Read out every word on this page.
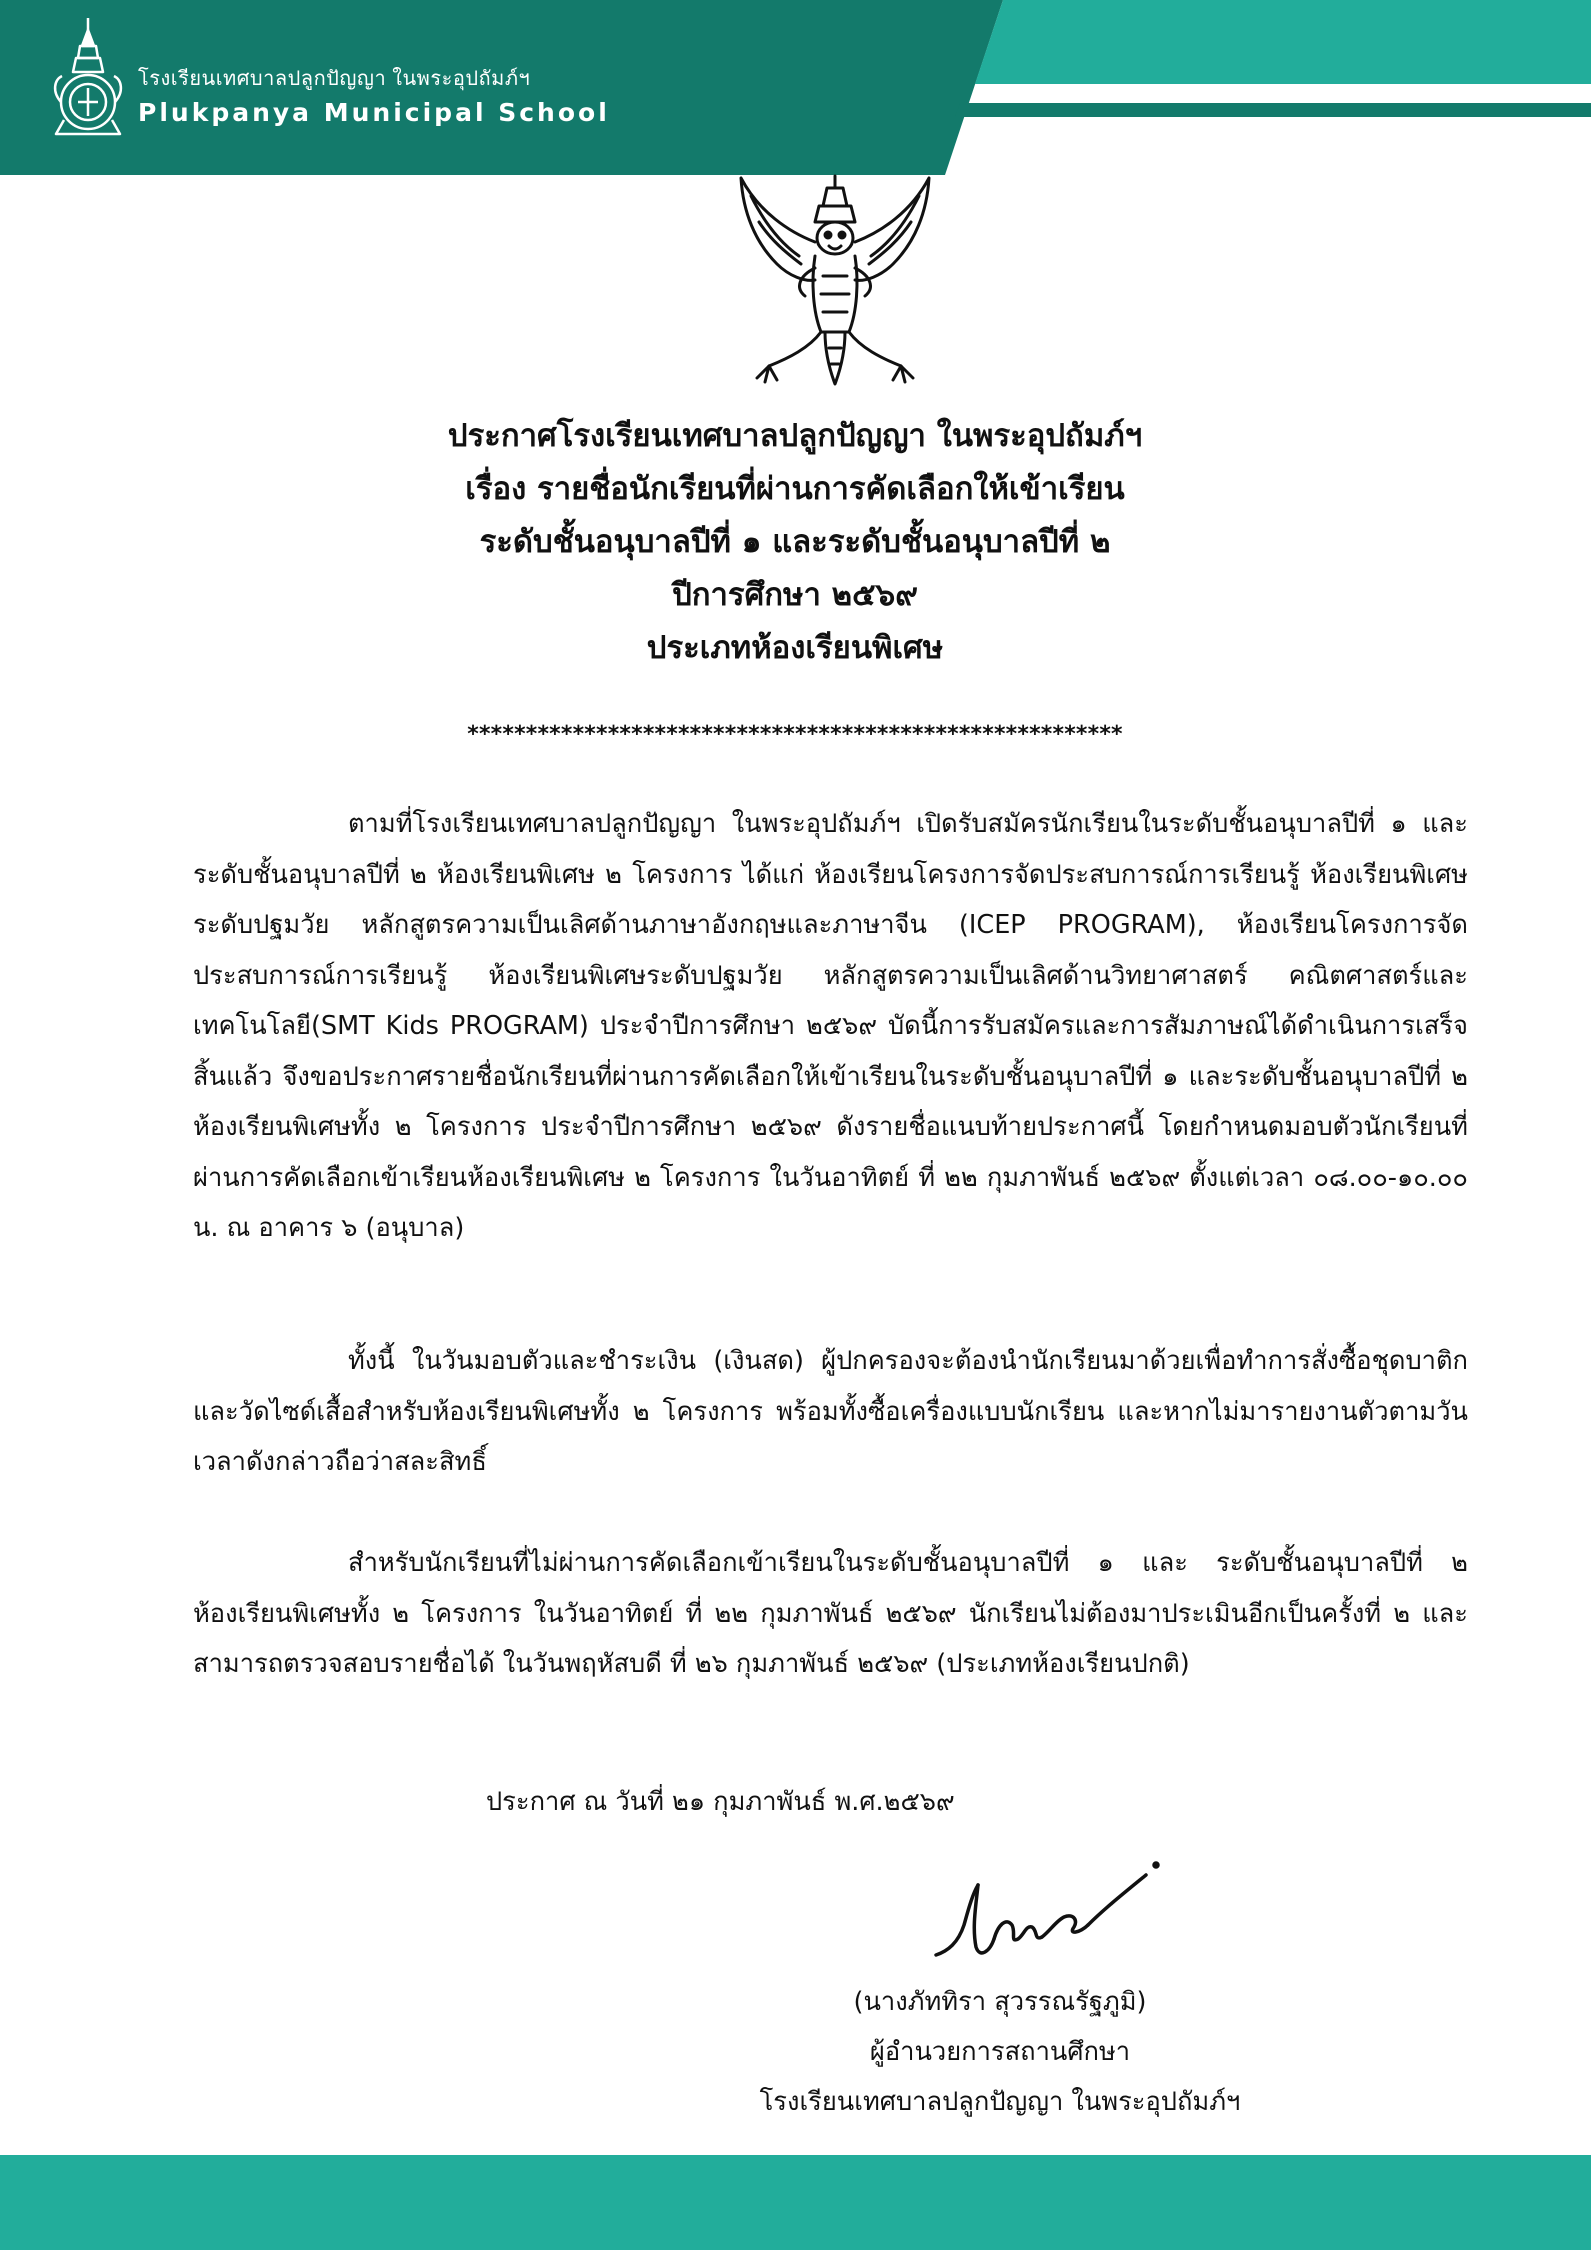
โรงเรียนเทศบาลปลูกปัญญา ในพระอุปถัมภ์ฯ
Plukpanya Municipal School
ประกาศโรงเรียนเทศบาลปลูกปัญญา ในพระอุปถัมภ์ฯ
เรื่อง รายชื่อนักเรียนที่ผ่านการคัดเลือกให้เข้าเรียน
ระดับชั้นอนุบาลปีที่ ๑ และระดับชั้นอนุบาลปีที่ ๒
ปีการศึกษา ๒๕๖๙
ประเภทห้องเรียนพิเศษ
********************************************************

ตามที่โรงเรียนเทศบาลปลูกปัญญา ในพระอุปถัมภ์ฯ เปิดรับสมัครนักเรียนในระดับชั้นอนุบาลปีที่ ๑ และระดับชั้นอนุบาลปีที่ ๒ ห้องเรียนพิเศษ ๒ โครงการ ได้แก่ ห้องเรียนโครงการจัดประสบการณ์การเรียนรู้ ห้องเรียนพิเศษระดับปฐมวัย หลักสูตรความเป็นเลิศด้านภาษาอังกฤษและภาษาจีน (ICEP PROGRAM), ห้องเรียนโครงการจัดประสบการณ์การเรียนรู้ ห้องเรียนพิเศษระดับปฐมวัย หลักสูตรความเป็นเลิศด้านวิทยาศาสตร์ คณิตศาสตร์และเทคโนโลยี(SMT Kids PROGRAM) ประจำปีการศึกษา ๒๕๖๙ บัดนี้การรับสมัครและการสัมภาษณ์ได้ดำเนินการเสร็จสิ้นแล้ว จึงขอประกาศรายชื่อนักเรียนที่ผ่านการคัดเลือกให้เข้าเรียนในระดับชั้นอนุบาลปีที่ ๑ และระดับชั้นอนุบาลปีที่ ๒ ห้องเรียนพิเศษทั้ง ๒ โครงการ ประจำปีการศึกษา ๒๕๖๙ ดังรายชื่อแนบท้ายประกาศนี้ โดยกำหนดมอบตัวนักเรียนที่ผ่านการคัดเลือกเข้าเรียนห้องเรียนพิเศษ ๒ โครงการ ในวันอาทิตย์ ที่ ๒๒ กุมภาพันธ์ ๒๕๖๙ ตั้งแต่เวลา ๐๘.๐๐-๑๐.๐๐ น. ณ อาคาร ๖ (อนุบาล)

ทั้งนี้ ในวันมอบตัวและชำระเงิน (เงินสด) ผู้ปกครองจะต้องนำนักเรียนมาด้วยเพื่อทำการสั่งซื้อชุดบาติกและวัดไซด์เสื้อสำหรับห้องเรียนพิเศษทั้ง ๒ โครงการ พร้อมทั้งซื้อเครื่องแบบนักเรียน และหากไม่มารายงานตัวตามวันเวลาดังกล่าวถือว่าสละสิทธิ์

สำหรับนักเรียนที่ไม่ผ่านการคัดเลือกเข้าเรียนในระดับชั้นอนุบาลปีที่ ๑ และ ระดับชั้นอนุบาลปีที่ ๒ ห้องเรียนพิเศษทั้ง ๒ โครงการ ในวันอาทิตย์ ที่ ๒๒ กุมภาพันธ์ ๒๕๖๙ นักเรียนไม่ต้องมาประเมินอีกเป็นครั้งที่ ๒ และสามารถตรวจสอบรายชื่อได้ ในวันพฤหัสบดี ที่ ๒๖ กุมภาพันธ์ ๒๕๖๙ (ประเภทห้องเรียนปกติ)

ประกาศ ณ วันที่ ๒๑ กุมภาพันธ์ พ.ศ.๒๕๖๙
(นางภัททิรา สุวรรณรัฐภูมิ)
ผู้อำนวยการสถานศึกษา
โรงเรียนเทศบาลปลูกปัญญา ในพระอุปถัมภ์ฯ
